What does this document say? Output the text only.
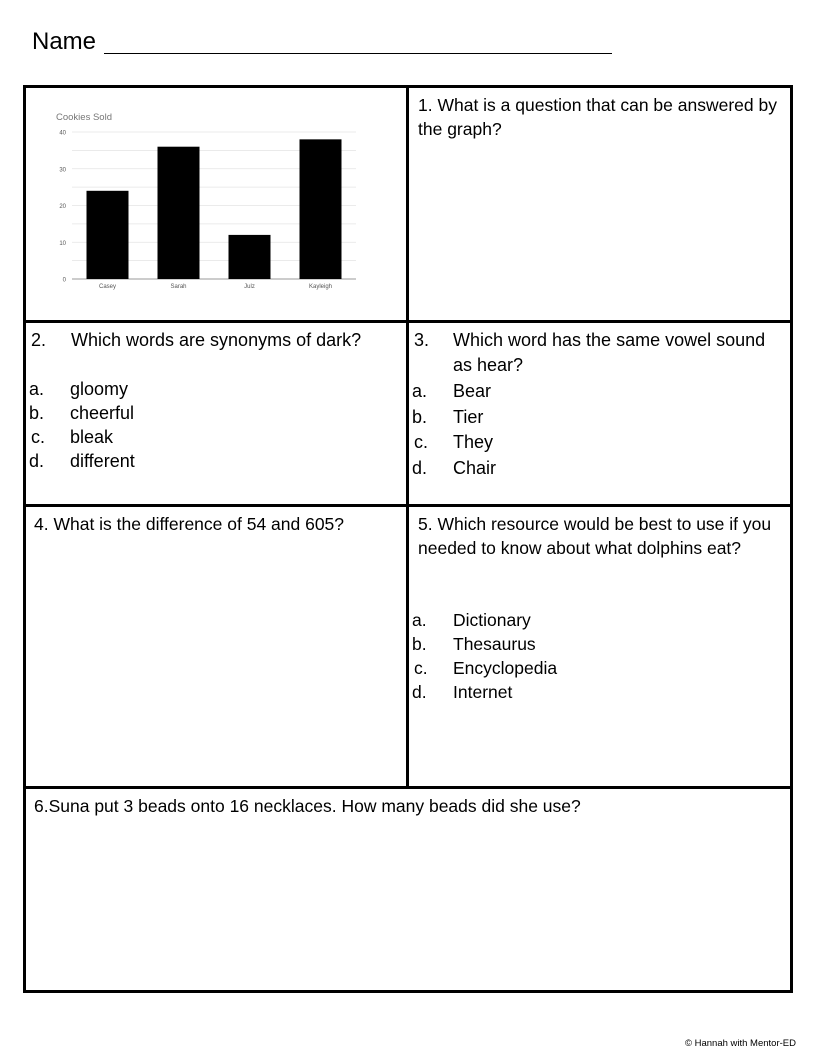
Name
Cookies Sold
0
10
20
30
40
Casey	Sarah	Julz	Kayleigh
1. What is a question that can be answered by the graph?
2. Which words are synonyms of dark?
a. gloomy
b. cheerful
c. bleak
d. different
3. Which word has the same vowel sound as hear?
a. Bear
b. Tier
c. They
d. Chair
4. What is the difference of 54 and 605?	5. Which resource would be best to use if you needed to know about what dolphins eat?
a. Dictionary
b. Thesaurus
c. Encyclopedia
d. Internet
6.Suna put 3 beads onto 16 necklaces. How many beads did she use?
© Hannah with Mentor-ED
